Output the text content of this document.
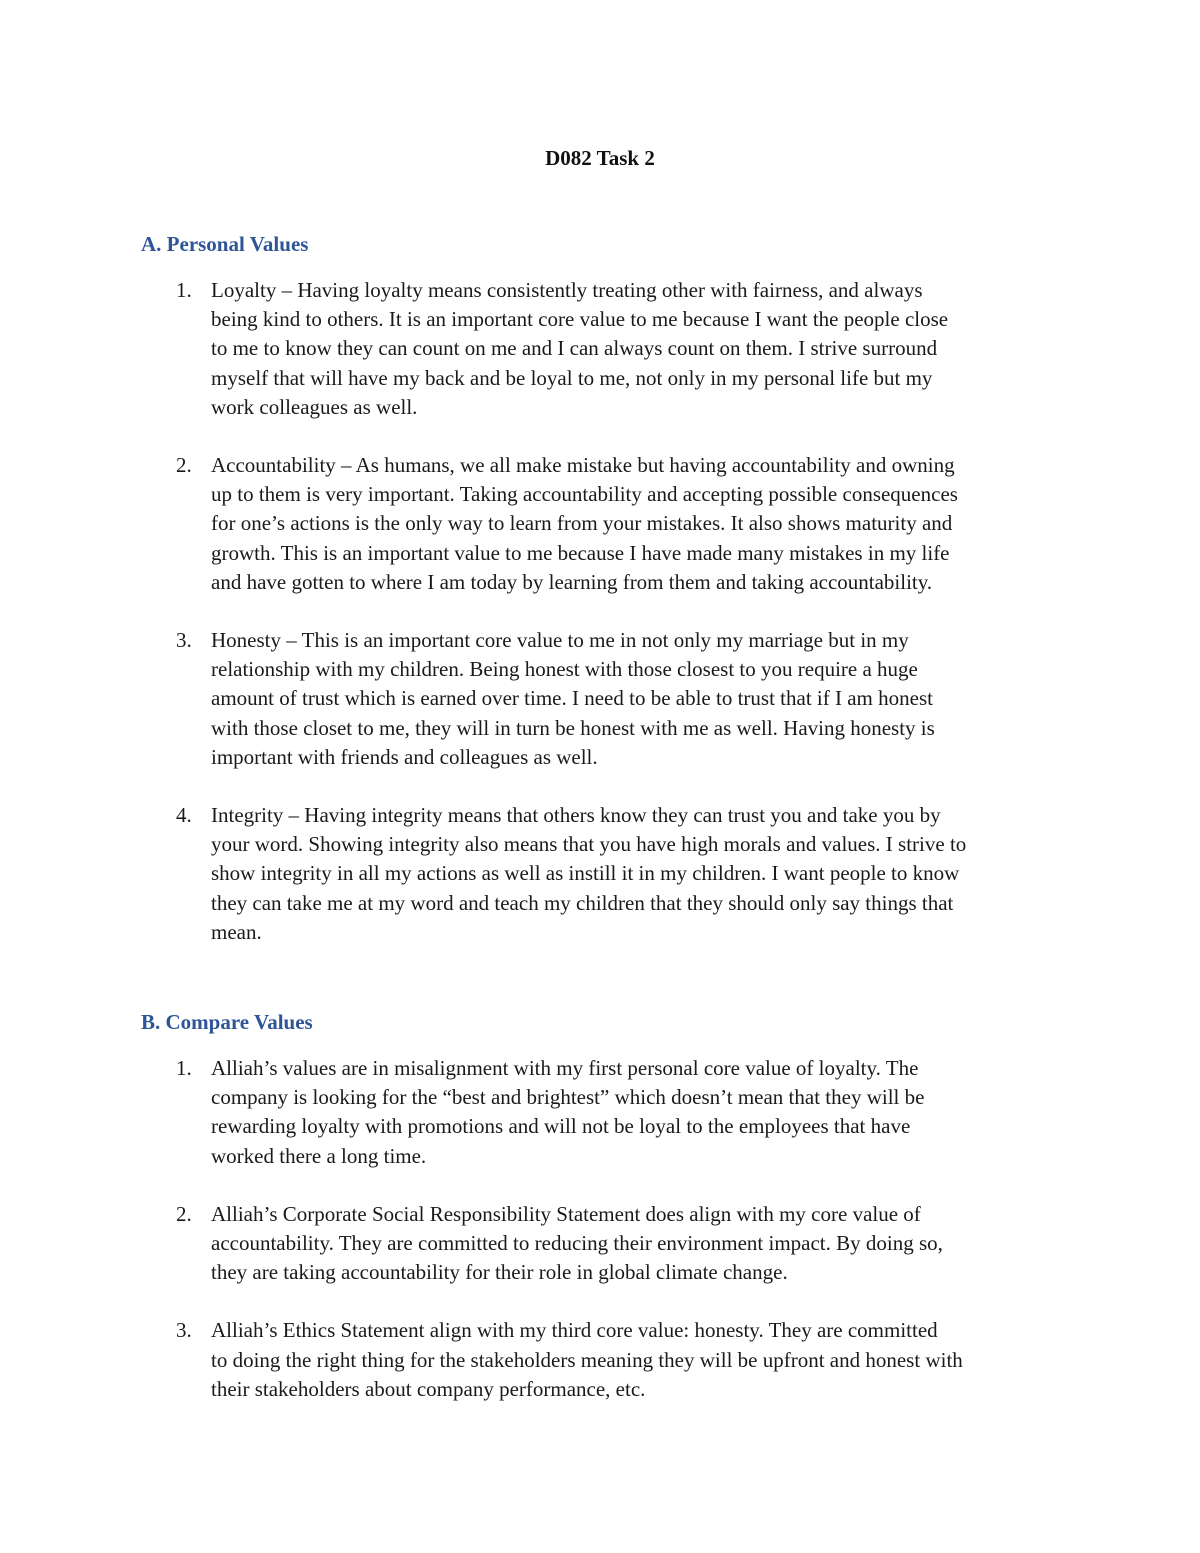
D082 Task 2
A. Personal Values
1. Loyalty – Having loyalty means consistently treating other with fairness, and always
being kind to others. It is an important core value to me because I want the people close
to me to know they can count on me and I can always count on them. I strive surround
myself that will have my back and be loyal to me, not only in my personal life but my
work colleagues as well.
2. Accountability – As humans, we all make mistake but having accountability and owning
up to them is very important. Taking accountability and accepting possible consequences
for one’s actions is the only way to learn from your mistakes. It also shows maturity and
growth. This is an important value to me because I have made many mistakes in my life
and have gotten to where I am today by learning from them and taking accountability.
3. Honesty – This is an important core value to me in not only my marriage but in my
relationship with my children. Being honest with those closest to you require a huge
amount of trust which is earned over time. I need to be able to trust that if I am honest
with those closet to me, they will in turn be honest with me as well. Having honesty is
important with friends and colleagues as well.
4. Integrity – Having integrity means that others know they can trust you and take you by
your word. Showing integrity also means that you have high morals and values. I strive to
show integrity in all my actions as well as instill it in my children. I want people to know
they can take me at my word and teach my children that they should only say things that
mean.
B. Compare Values
1. Alliah’s values are in misalignment with my first personal core value of loyalty. The
company is looking for the “best and brightest” which doesn’t mean that they will be
rewarding loyalty with promotions and will not be loyal to the employees that have
worked there a long time.
2. Alliah’s Corporate Social Responsibility Statement does align with my core value of
accountability. They are committed to reducing their environment impact. By doing so,
they are taking accountability for their role in global climate change.
3. Alliah’s Ethics Statement align with my third core value: honesty. They are committed
to doing the right thing for the stakeholders meaning they will be upfront and honest with
their stakeholders about company performance, etc.
